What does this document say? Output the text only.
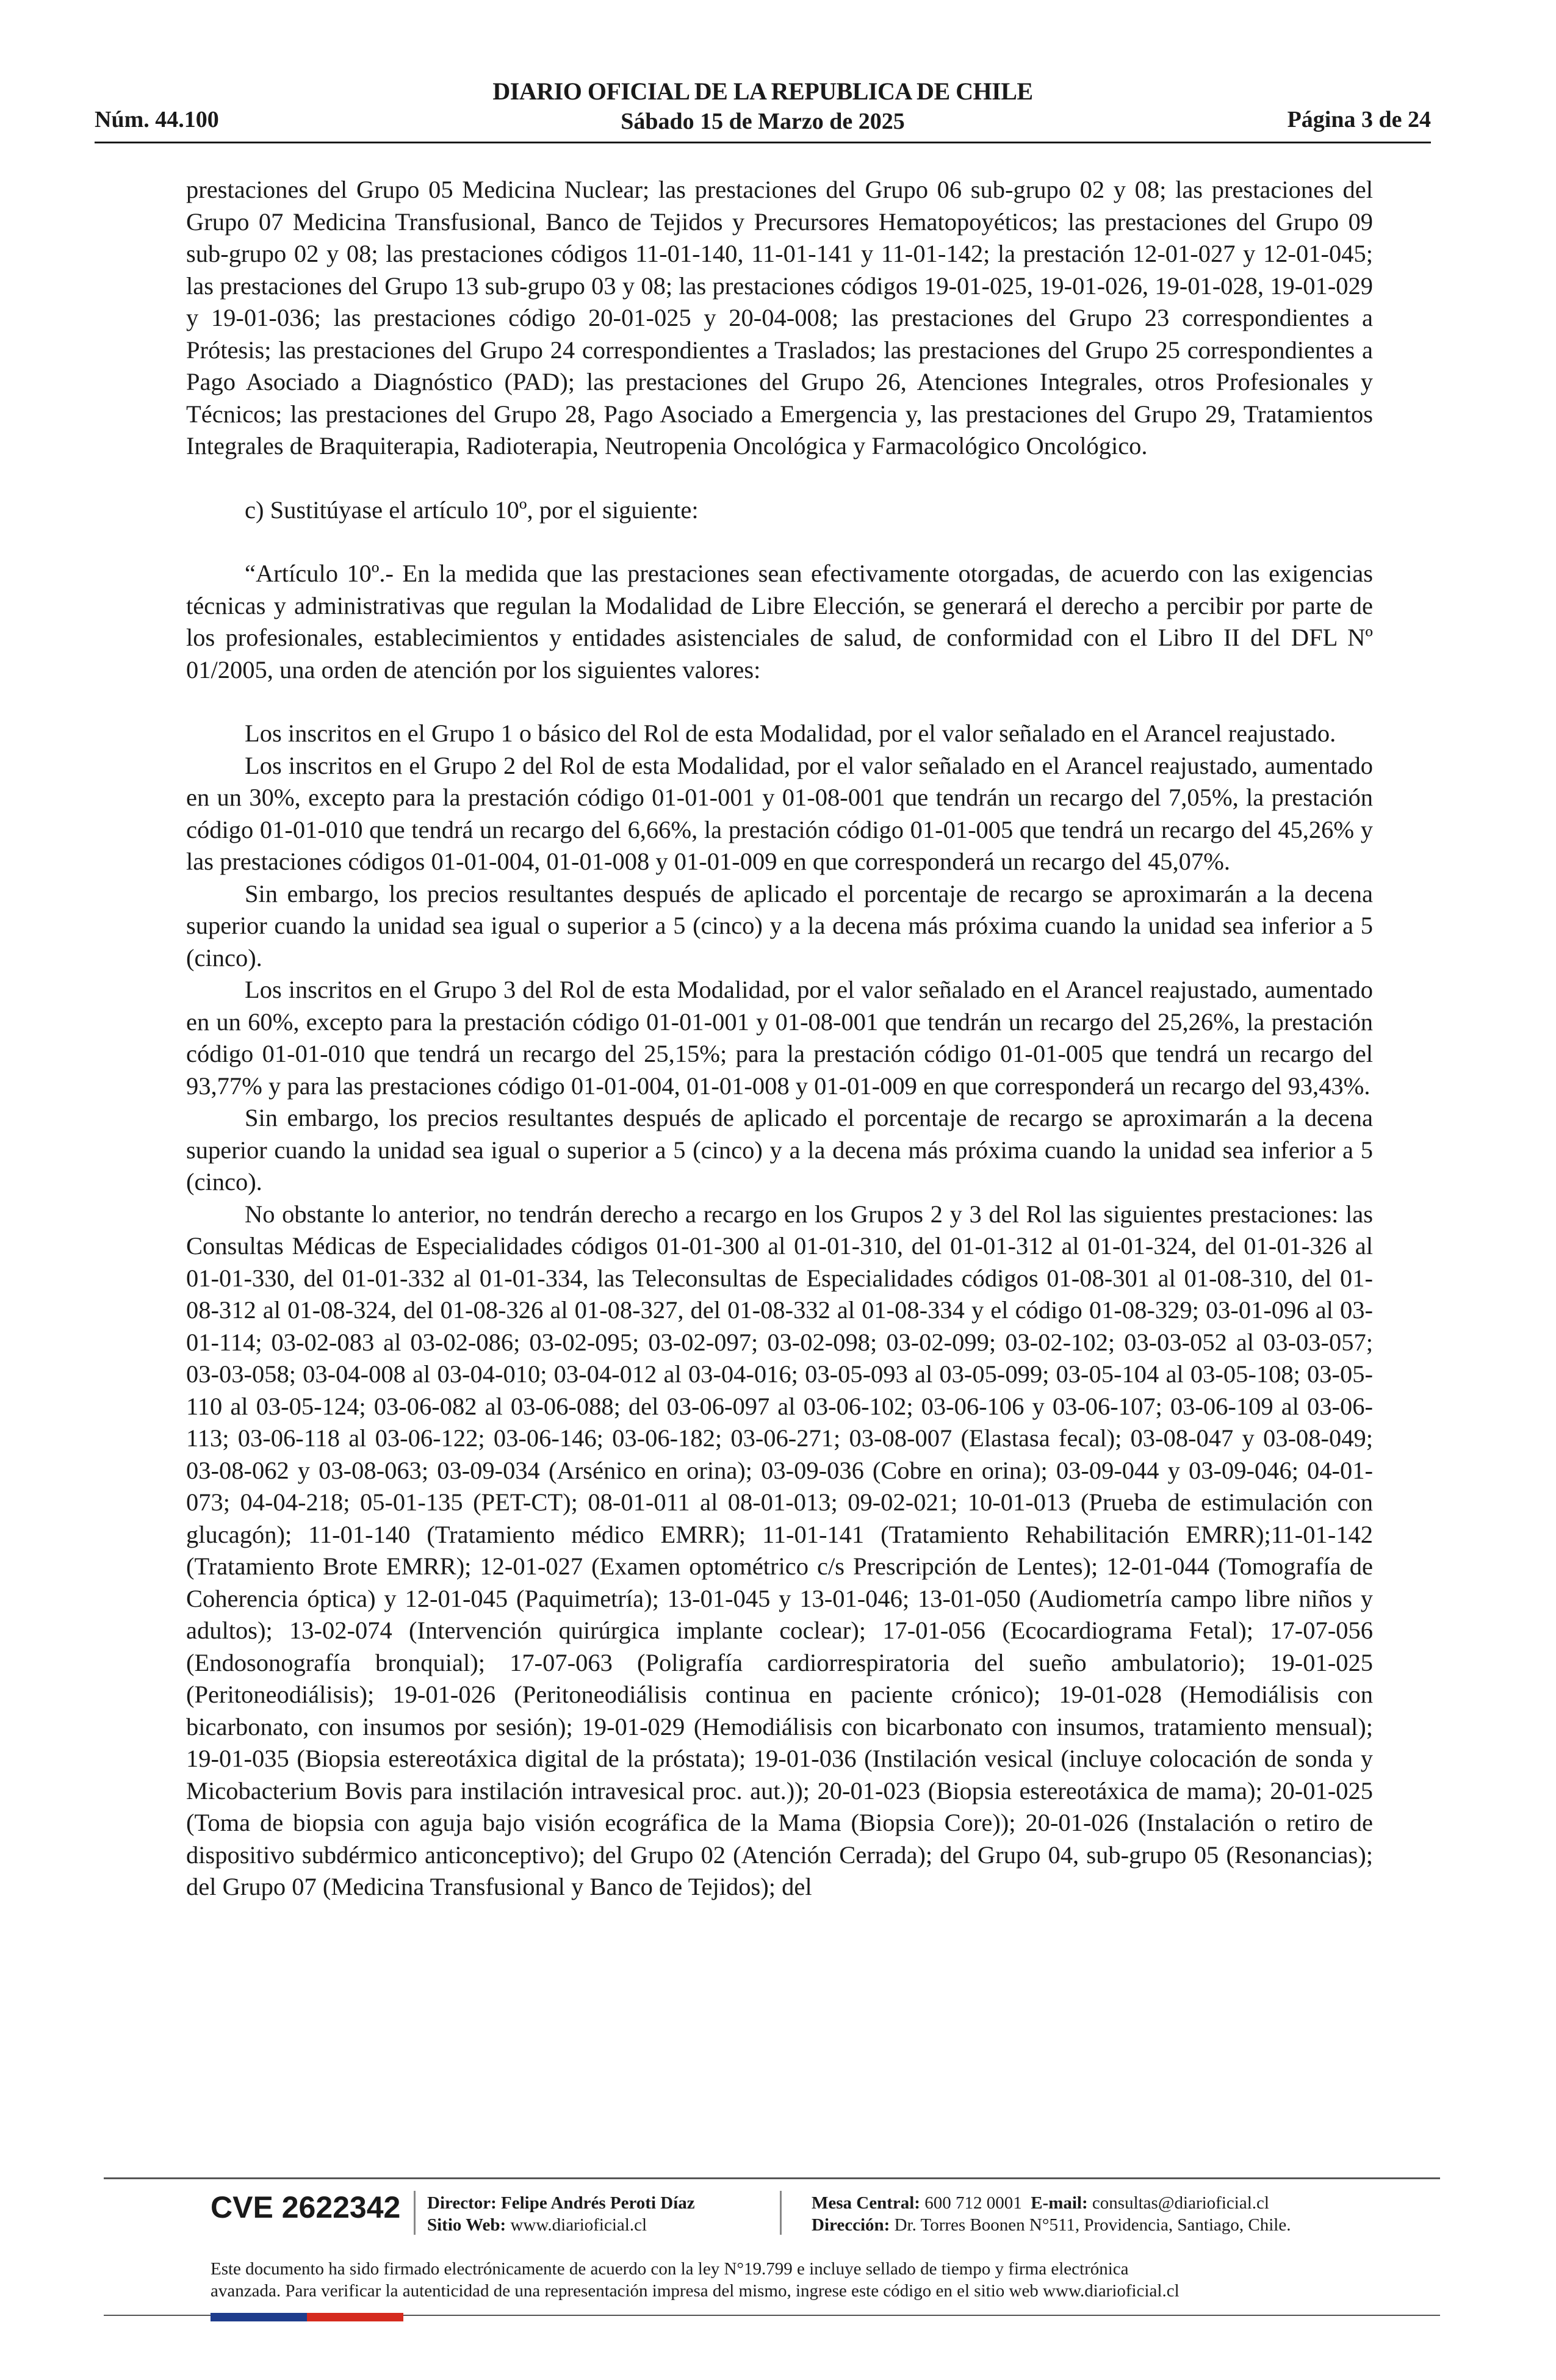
Núm. 44.100
DIARIO OFICIAL DE LA REPUBLICA DE CHILE
Sábado 15 de Marzo de 2025	Página 3 de 24

prestaciones del Grupo 05 Medicina Nuclear; las prestaciones del Grupo 06 sub-grupo 02 y 08; las prestaciones del Grupo 07 Medicina Transfusional, Banco de Tejidos y Precursores Hematopoyéticos; las prestaciones del Grupo 09 sub-grupo 02 y 08; las prestaciones códigos 11-01-140, 11-01-141 y 11-01-142; la prestación 12-01-027 y 12-01-045; las prestaciones del Grupo 13 sub-grupo 03 y 08; las prestaciones códigos 19-01-025, 19-01-026, 19-01-028, 19-01-029 y 19-01-036; las prestaciones código 20-01-025 y 20-04-008; las prestaciones del Grupo 23 correspondientes a Prótesis; las prestaciones del Grupo 24 correspondientes a Traslados; las prestaciones del Grupo 25 correspondientes a Pago Asociado a Diagnóstico (PAD); las prestaciones del Grupo 26, Atenciones Integrales, otros Profesionales y Técnicos; las prestaciones del Grupo 28, Pago Asociado a Emergencia y, las prestaciones del Grupo 29, Tratamientos Integrales de Braquiterapia, Radioterapia, Neutropenia Oncológica y Farmacológico Oncológico.

c) Sustitúyase el artículo 10º, por el siguiente:

“Artículo 10º.- En la medida que las prestaciones sean efectivamente otorgadas, de acuerdo con las exigencias técnicas y administrativas que regulan la Modalidad de Libre Elección, se generará el derecho a percibir por parte de los profesionales, establecimientos y entidades asistenciales de salud, de conformidad con el Libro II del DFL Nº 01/2005, una orden de atención por los siguientes valores:

Los inscritos en el Grupo 1 o básico del Rol de esta Modalidad, por el valor señalado en el Arancel reajustado.

Los inscritos en el Grupo 2 del Rol de esta Modalidad, por el valor señalado en el Arancel reajustado, aumentado en un 30%, excepto para la prestación código 01-01-001 y 01-08-001 que tendrán un recargo del 7,05%, la prestación código 01-01-010 que tendrá un recargo del 6,66%, la prestación código 01-01-005 que tendrá un recargo del 45,26% y las prestaciones códigos 01-01-004, 01-01-008 y 01-01-009 en que corresponderá un recargo del 45,07%.

Sin embargo, los precios resultantes después de aplicado el porcentaje de recargo se aproximarán a la decena superior cuando la unidad sea igual o superior a 5 (cinco) y a la decena más próxima cuando la unidad sea inferior a 5 (cinco).

Los inscritos en el Grupo 3 del Rol de esta Modalidad, por el valor señalado en el Arancel reajustado, aumentado en un 60%, excepto para la prestación código 01-01-001 y 01-08-001 que tendrán un recargo del 25,26%, la prestación código 01-01-010 que tendrá un recargo del 25,15%; para la prestación código 01-01-005 que tendrá un recargo del 93,77% y para las prestaciones código 01-01-004, 01-01-008 y 01-01-009 en que corresponderá un recargo del 93,43%.

Sin embargo, los precios resultantes después de aplicado el porcentaje de recargo se aproximarán a la decena superior cuando la unidad sea igual o superior a 5 (cinco) y a la decena más próxima cuando la unidad sea inferior a 5 (cinco).

No obstante lo anterior, no tendrán derecho a recargo en los Grupos 2 y 3 del Rol las siguientes prestaciones: las Consultas Médicas de Especialidades códigos 01-01-300 al 01-01-310, del 01-01-312 al 01-01-324, del 01-01-326 al 01-01-330, del 01-01-332 al 01-01-334, las Teleconsultas de Especialidades códigos 01-08-301 al 01-08-310, del 01-08-312 al 01-08-324, del 01-08-326 al 01-08-327, del 01-08-332 al 01-08-334 y el código 01-08-329; 03-01-096 al 03-01-114; 03-02-083 al 03-02-086; 03-02-095; 03-02-097; 03-02-098; 03-02-099; 03-02-102; 03-03-052 al 03-03-057; 03-03-058; 03-04-008 al 03-04-010; 03-04-012 al 03-04-016; 03-05-093 al 03-05-099; 03-05-104 al 03-05-108; 03-05-110 al 03-05-124; 03-06-082 al 03-06-088; del 03-06-097 al 03-06-102; 03-06-106 y 03-06-107; 03-06-109 al 03-06-113; 03-06-118 al 03-06-122; 03-06-146; 03-06-182; 03-06-271; 03-08-007 (Elastasa fecal); 03-08-047 y 03-08-049; 03-08-062 y 03-08-063; 03-09-034 (Arsénico en orina); 03-09-036 (Cobre en orina); 03-09-044 y 03-09-046; 04-01-073; 04-04-218; 05-01-135 (PET-CT); 08-01-011 al 08-01-013; 09-02-021; 10-01-013 (Prueba de estimulación con glucagón); 11-01-140 (Tratamiento médico EMRR); 11-01-141 (Tratamiento Rehabilitación EMRR);11-01-142 (Tratamiento Brote EMRR); 12-01-027 (Examen optométrico c/s Prescripción de Lentes); 12-01-044 (Tomografía de Coherencia óptica) y 12-01-045 (Paquimetría); 13-01-045 y 13-01-046; 13-01-050 (Audiometría campo libre niños y adultos); 13-02-074 (Intervención quirúrgica implante coclear); 17-01-056 (Ecocardiograma Fetal); 17-07-056 (Endosonografía bronquial); 17-07-063 (Poligrafía cardiorrespiratoria del sueño ambulatorio); 19-01-025 (Peritoneodiálisis); 19-01-026 (Peritoneodiálisis continua en paciente crónico); 19-01-028 (Hemodiálisis con bicarbonato, con insumos por sesión); 19-01-029 (Hemodiálisis con bicarbonato con insumos, tratamiento mensual); 19-01-035 (Biopsia estereotáxica digital de la próstata); 19-01-036 (Instilación vesical (incluye colocación de sonda y Micobacterium Bovis para instilación intravesical proc. aut.)); 20-01-023 (Biopsia estereotáxica de mama); 20-01-025 (Toma de biopsia con aguja bajo visión ecográfica de la Mama (Biopsia Core)); 20-01-026 (Instalación o retiro de dispositivo subdérmico anticonceptivo); del Grupo 02 (Atención Cerrada); del Grupo 04, sub-grupo 05 (Resonancias); del Grupo 07 (Medicina Transfusional y Banco de Tejidos); del

CVE 2622342 Director: Felipe Andrés Peroti Díaz
Sitio Web: www.diarioficial.cl
Mesa Central: 600 712 0001 E-mail: consultas@diarioficial.cl
Dirección: Dr. Torres Boonen N°511, Providencia, Santiago, Chile.
Este documento ha sido firmado electrónicamente de acuerdo con la ley N°19.799 e incluye sellado de tiempo y firma electrónica
avanzada. Para verificar la autenticidad de una representación impresa del mismo, ingrese este código en el sitio web www.diarioficial.cl
